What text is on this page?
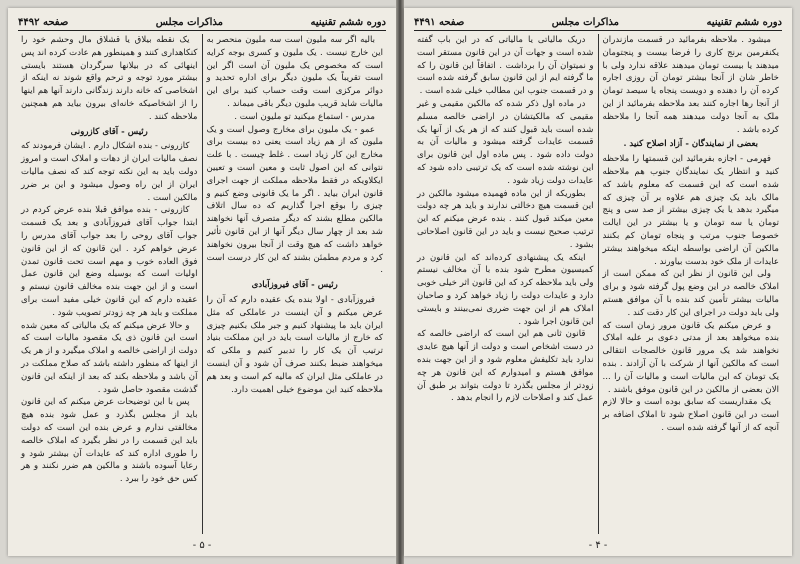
دوره ششم تقنینیه
مذاکرات مجلس
صفحه ۴۴۹۲

بالیه اگر سه ملیون است سه ملیون منحصر به این خارج نیست . یک ملیون و کسری بوجه کرایه است که مخصوص یک ملیون آن است اگر این است تقریباً یک ملیون دیگر برای اداره تحدید و دوائر مرکزی است وقت حساب کنید برای این مالیات شاید قریب ملیون دیگر باقی میماند .

مدرس - استماع میکنید تو ملیون است .

عمو - یک ملیون برای مخارج وصول است و یک ملیون که از هم زیاد است یعنی ده بیست برای مخارج این کار زیاد است . غلط چیست . با علت نتوانی که این اصول ثابت و معین است و تعیین ایکلاویکه در فقط ملاحظه مملکت از جهت اجرای قانون ایران بیاید . اگر ما یک قانونی وضع کنیم و چیزی را بوقع اجرا گذاریم که ده سال اتلاف مالکین مطلع بشند که دیگر متصرف آنها نخواهند شد بعد از چهار سال دیگر آنها از این قانون تأثیر خواهد داشت که هیچ وقت از آنجا بیرون نخواهند کرد و مردم مطمئن بشند که این کار درست است .

رئیس - آقای فیروزآبادی

فیروزآبادی - اولا بنده یک عقیده دارم که آن را عرض میکنم و آن اینست در عاملکی که مثل ایران باید ما پیشنهاد کنیم و جبر ملک بکنیم چیزی که خارج از مالیات است باید در این مملکت بنیاد ترتیب آن یک کار را تدبیر کنیم و ملکی که میخواهند ضبط بکنند صرف آن شود و آن اینست در عاملکی مثل ایران که مالیه کم است و بعد هم ملاحظه کنید این موضوع خیلی اهمیت دارد.

یک نقطه بیلاق یا قشلاق مال وحشم خود را کنکاهداری کنند و همینطور هم عادت کرده اند پس اینهائی که در بیلانها سرگردان هستند بایستی بیشتر مورد توجه و ترحم واقع شوند نه اینکه از اشخاصی که خانه دارند زندگانی دارند آنها هم اینها را از اشخاصیکه خانه‌ای بیرون بیاید هم همچنین ملاحظه کنند .

رئیس - آقای کازرونی

کازرونی - بنده اشکال دارم . ایشان فرمودند که نصف مالیات ایران از دهات و املاک است و امروز دولت باید به این نکته توجه کند که نصف مالیات ایران از این راه وصول میشود و این بر ضرر مالکین است .

کازرونی - بنده موافق قبلا بنده عرض کردم در ابتدا جواب آقای فیروزآبادی و بعد یک قسمت جواب آقای روحی را بعد جواب آقای مدرس را عرض خواهم کرد . این قانون که از این قانون فوق العاده خوب و مهم است تحت قانون تمدن اولیات است که بوسیله وضع این قانون عمل است و از این جهت بنده مخالف قانون نیستم و عقیده دارم که این قانون خیلی مفید است برای مملکت و باید هر چه زودتر تصویب شود .

و حالا عرض میکنم که یک مالیاتی که معین شده است این قانون ذی یک مقصود مالیات است که دولت از اراضی خالصه و املاک میگیرد و از هر یک از اینها که منظور داشته باشد که صلاح مملکت در آن باشد و ملاحظه بکند که بعد از اینکه این قانون گذشت مقصود حاصل شود .

پس با این توضیحات عرض میکنم که این قانون باید از مجلس بگذرد و عمل شود بنده هیچ مخالفتی ندارم و عرض بنده این است که دولت باید این قسمت را در نظر بگیرد که املاک خالصه را طوری اداره کند که عایدات آن بیشتر شود و رعایا آسوده باشند و مالکین هم ضرر نکنند و هر کس حق خود را ببرد .

- ۵ -
دوره ششم تقنینیه
مذاکرات مجلس
صفحه ۴۴۹۱

میشود . ملاحظه بفرمائید در قسمت مازندران یکنفرمین برنج کاری را فرضا بیست و پنجتومان میدهند یا بیست تومان میدهند علاقه ندارد ولی با خاطر شان از آنجا بیشتر تومان آن روزی اجاره کرده آن را دهنده و دویست پنجاه یا سیصد تومان از آنجا رها اجاره کنند بعد ملاحظه بفرمائید از این ملک به آنجا دولت میدهند همه آنجا را ملاحظه کرده باشد .

بعضی از نمایندگان - آزاد اصلاح کنید .

فهرمی - اجازه بفرمائید این قسمتها را ملاحظه کنید و انتظار یک نمایندگان جنوب هم ملاحظه شده است که این قسمت که معلوم باشد که مالک باید یک چیزی هم علاوه بر آن چیزی که میگیرد بدهد یا یک چیزی بیشتر از صد سی و پنج تومان یا سه تومان و یا بیشتر در این ایالت خصوصا جنوب مرتب و پنجاه تومان کم بکنند مالکین آن اراضی بواسطه اینکه میخواهند بیشتر عایدات از ملک خود بدست بیاورند .

ولی این قانون از نظر این که ممکن است از املاک خالصه در این وضع پول گرفته شود و برای مالیات بیشتر تأمین کند بنده با آن موافق هستم ولی باید دولت در اجرای این کار دقت کند .

و عرض میکنم یک قانون مرور زمان است که بنده میخواهد بعد از مدتی دعوی بر علیه املاک نخواهند شد یک مرور قانون خالصجات انتقالی است که مالکین آنها از شرکت با آن آزادند . بنده یک تومان که این مالیات است و مالیات آن را ... الان بعضی از مالکین در این قانون موفق باشند .

یک مقداریست که سابق بوده است و حالا لازم است در این قانون اصلاح شود تا املاک اضافه بر آنچه که از آنها گرفته شده است .

دریک مالیاتی یا مالیاتی که در این باب گفته شده است و جهات آن در این قانون مستقر است و نمیتوان آن را برداشت . اتفاقاً این قانون را که ما گرفته ایم از این قانون سابق گرفته شده است و در قسمت جنوب این مطالب خیلی شده است .

در ماده اول ذکر شده که مالکین مقیمی و غیر مقیمی که مالکیتشان در اراضی خالصه مسلم شده است باید قبول کنند که از هر یک از آنها یک قسمت عایدات گرفته میشود و مالیات آن به دولت داده شود . پس ماده اول این قانون برای این نوشته شده است که یک ترتیبی داده شود که عایدات دولت زیاد شود .

بطوریکه از این ماده فهمیده میشود مالکین در این قسمت هیچ دخالتی ندارند و باید هر چه دولت معین میکند قبول کنند . بنده عرض میکنم که این ترتیب صحیح نیست و باید در این قانون اصلاحاتی بشود .

اینکه یک پیشنهادی کرده‌اند که این قانون در کمیسیون مطرح شود بنده با آن مخالف نیستم ولی باید ملاحظه کرد که این قانون اثر خیلی خوبی دارد و عایدات دولت را زیاد خواهد کرد و صاحبان املاک هم از این جهت ضرری نمی‌بینند و بایستی این قانون اجرا شود .

قانون ثانی هم این است که اراضی خالصه که در دست اشخاص است و دولت از آنها هیچ عایدی ندارد باید تکلیفش معلوم شود و از این جهت بنده موافق هستم و امیدوارم که این قانون هر چه زودتر از مجلس بگذرد تا دولت بتواند بر طبق آن عمل کند و اصلاحات لازم را انجام بدهد .

- ۴ -
